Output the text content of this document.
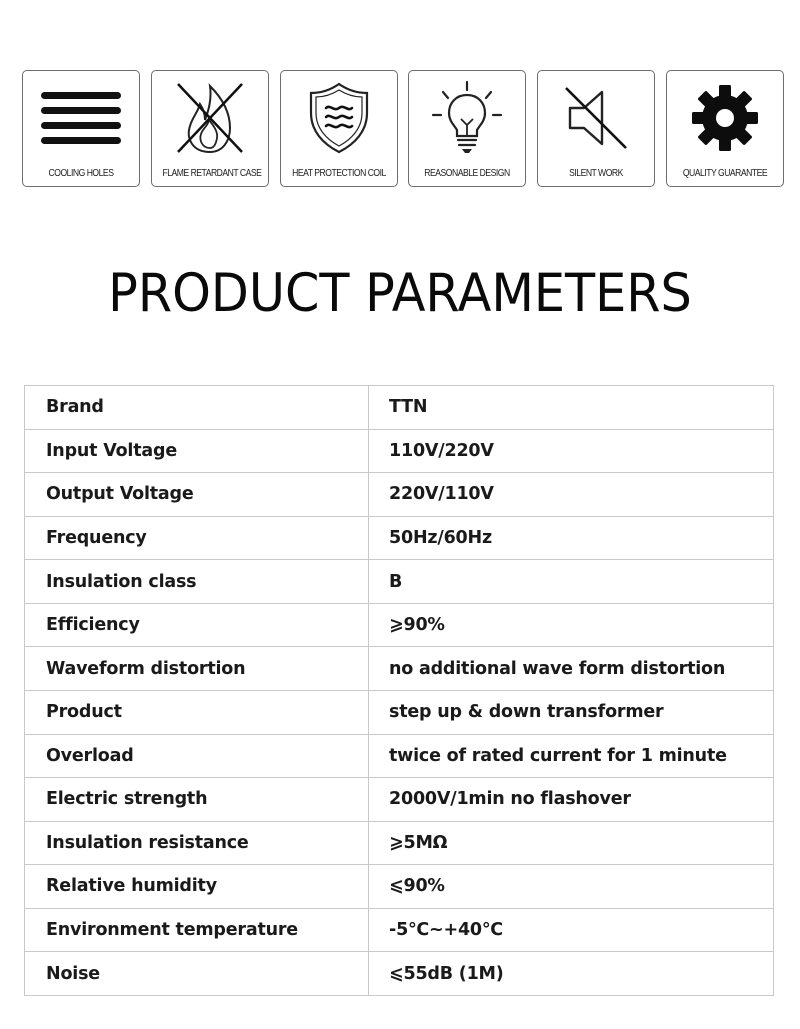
COOLING HOLES	FLAME RETARDANT CASE	HEAT PROTECTION COIL	REASONABLE DESIGN	SILENT WORK	QUALITY GUARANTEE
PRODUCT PARAMETERS
Brand	TTN
Input Voltage	110V/220V
Output Voltage	220V/110V
Frequency	50Hz/60Hz
Insulation class	B
Efficiency	⩾90%
Waveform distortion	no additional wave form distortion
Product	step up & down transformer
Overload	twice of rated current for 1 minute
Electric strength	2000V/1min no flashover
Insulation resistance	⩾5MΩ
Relative humidity	⩽90%
Environment temperature	-5℃~+40℃
Noise	⩽55dB (1M)
